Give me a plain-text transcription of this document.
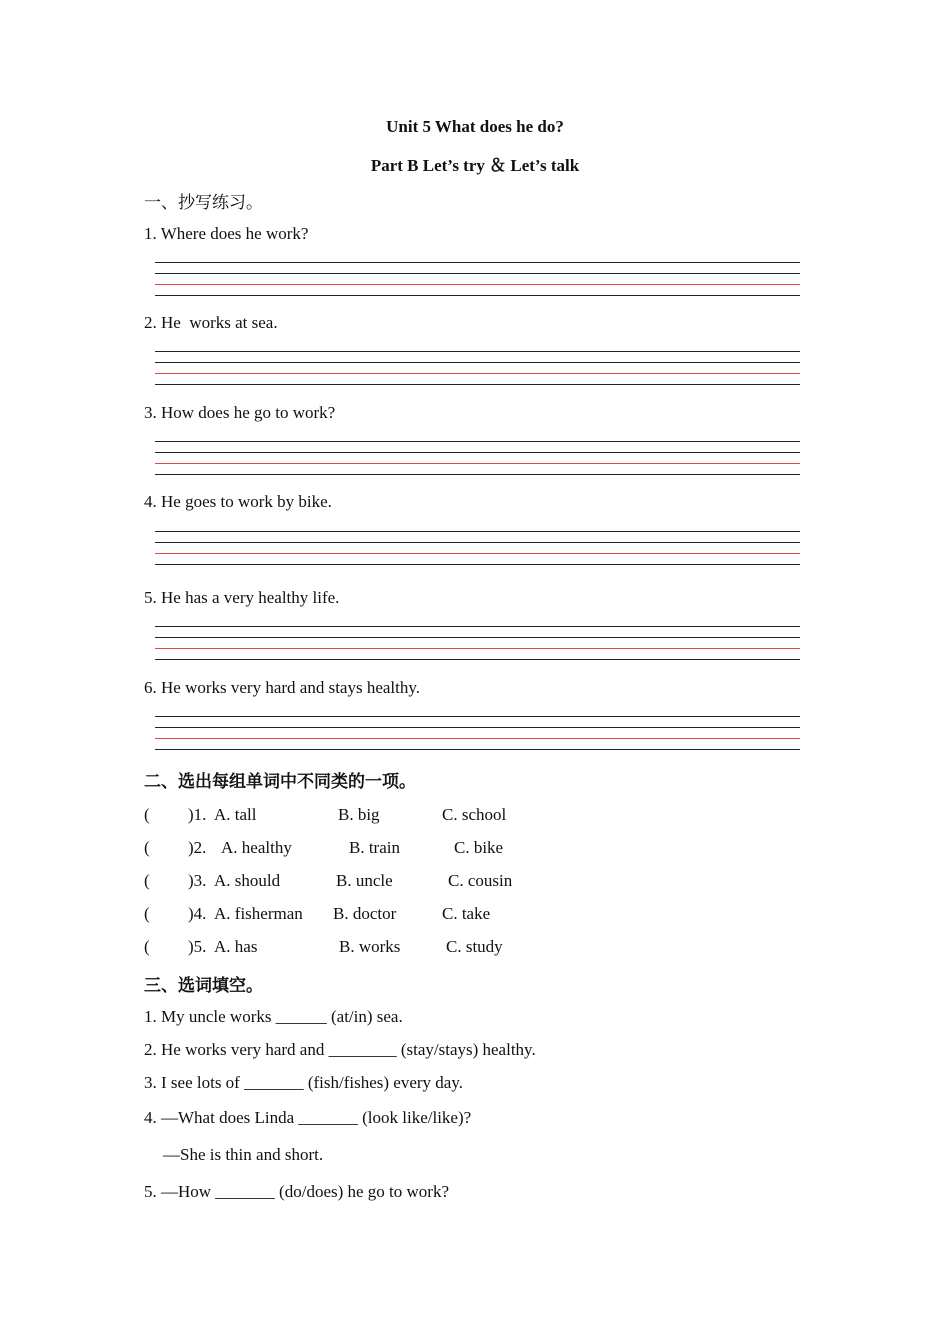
Unit 5 What does he do?
Part B Let’s try ＆ Let’s talk
一、抄写练习。
1. Where does he work?
2. He  works at sea.
3. How does he go to work?
4. He goes to work by bike.
5. He has a very healthy life.
6. He works very hard and stays healthy.
二、选出每组单词中不同类的一项。
( )1. A. tall	B. big	C. school
( )2. A. healthy	B. train	C. bike
( )3. A. should	B. uncle	C. cousin
( )4. A. fisherman B. doctor	C. take
( )5. A. has	B. works	C. study
三、选词填空。
1. My uncle works ______ (at/in) sea.
2. He works very hard and ________ (stay/stays) healthy.
3. I see lots of _______ (fish/fishes) every day.
4. —What does Linda _______ (look like/like)?
—She is thin and short.
5. —How _______ (do/does) he go to work?
